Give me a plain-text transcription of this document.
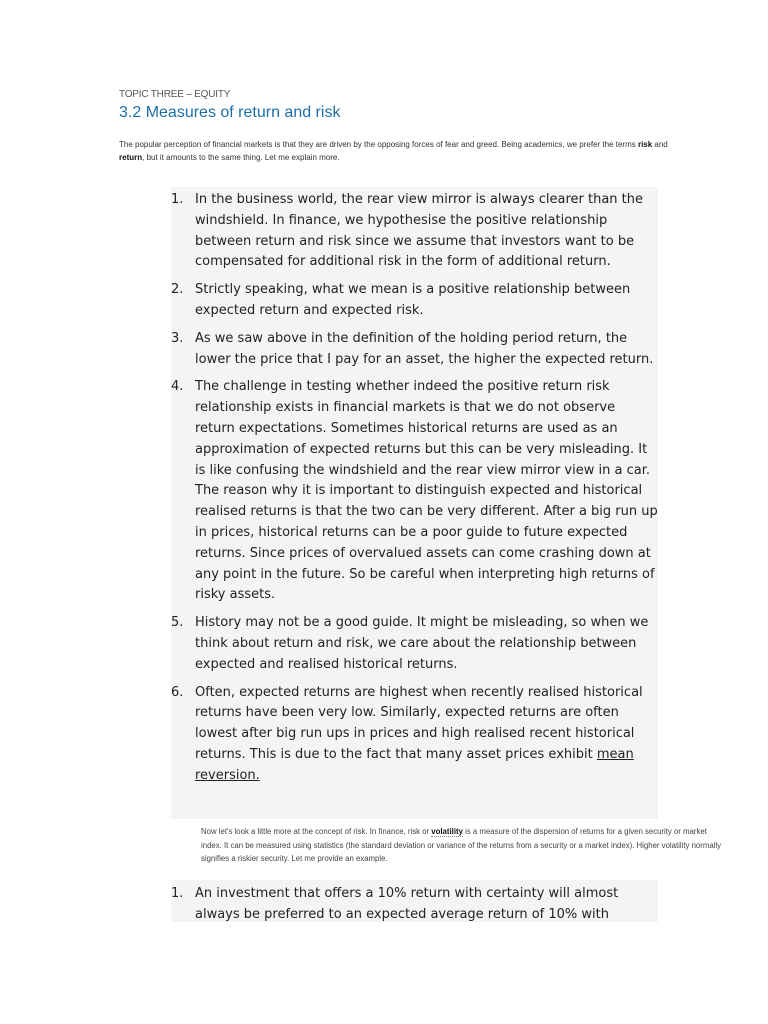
TOPIC THREE – EQUITY
3.2 Measures of return and risk

The popular perception of financial markets is that they are driven by the opposing forces of fear and greed. Being academics, we prefer the terms risk and return, but it amounts to the same thing. Let me explain more.

1. In the business world, the rear view mirror is always clearer than the windshield. In finance, we hypothesise the positive relationship between return and risk since we assume that investors want to be compensated for additional risk in the form of additional return.
2. Strictly speaking, what we mean is a positive relationship between expected return and expected risk.
3. As we saw above in the definition of the holding period return, the lower the price that I pay for an asset, the higher the expected return.
4. The challenge in testing whether indeed the positive return risk relationship exists in financial markets is that we do not observe return expectations. Sometimes historical returns are used as an approximation of expected returns but this can be very misleading. It is like confusing the windshield and the rear view mirror view in a car. The reason why it is important to distinguish expected and historical realised returns is that the two can be very different. After a big run up in prices, historical returns can be a poor guide to future expected returns. Since prices of overvalued assets can come crashing down at any point in the future. So be careful when interpreting high returns of risky assets.
5. History may not be a good guide. It might be misleading, so when we think about return and risk, we care about the relationship between expected and realised historical returns.
6. Often, expected returns are highest when recently realised historical returns have been very low. Similarly, expected returns are often lowest after big run ups in prices and high realised recent historical returns. This is due to the fact that many asset prices exhibit mean reversion.

Now let's look a little more at the concept of risk. In finance, risk or volatility is a measure of the dispersion of returns for a given security or market index. It can be measured using statistics (the standard deviation or variance of the returns from a security or a market index). Higher volatility normally signifies a riskier security. Let me provide an example.

1. An investment that offers a 10% return with certainty will almost always be preferred to an expected average return of 10% with
